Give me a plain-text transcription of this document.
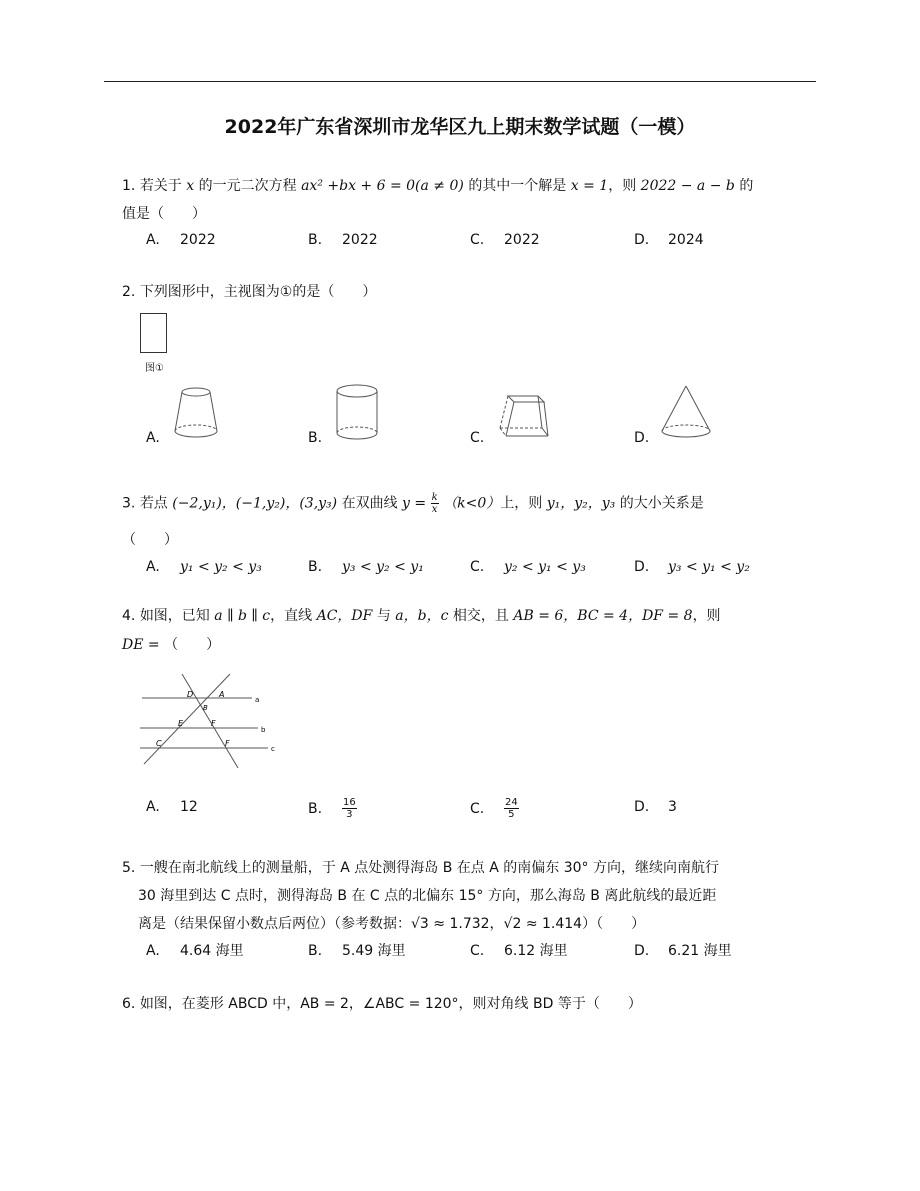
2022年广东省深圳市龙华区九上期末数学试题（一模）
1. 若关于 x 的一元二次方程 ax² +bx + 6 = 0(a ≠ 0) 的其中一个解是 x = 1，则 2022 − a − b 的
值是（　　）
A. 2022	B. 2022	C. 2022	D. 2024
2. 下列图形中，主视图为①的是（　　）
图①
A.	B.	C.	D.
3. 若点 (−2,y₁)，(−1,y₂)，(3,y₃) 在双曲线 $y = \frac{k}{x} (k<0)$上，则 y₁，y₂，y₃ 的大小关系是
（　　）
A. y₁ < y₂ < y₃	B. y₃ < y₂ < y₁	C. y₂ < y₁ < y₃	D. y₃ < y₁ < y₂
4. 如图，已知 a ∥ b ∥ c，直线 AC，DF 与 a，b，c 相交，且 AB = 6，BC = 4，DF = 8，则
DE = （　　）
D	A
a
E	F
b
C	F
c
B
A. 12	B. $\frac{16}{3}$	C. $\frac{24}{5}$	D. 3
5. 一艘在南北航线上的测量船，于 A 点处测得海岛 B 在点 A 的南偏东 30° 方向，继续向南航行
30 海里到达 C 点时，测得海岛 B 在 C 点的北偏东 15° 方向，那么海岛 B 离此航线的最近距
离是（结果保留小数点后两位）（参考数据：√3 ≈ 1.732，√2 ≈ 1.414）（　　）
A. 4.64 海里	B. 5.49 海里	C. 6.12 海里	D. 6.21 海里
6. 如图，在菱形 ABCD 中，AB = 2，∠ABC = 120°，则对角线 BD 等于（　　）
